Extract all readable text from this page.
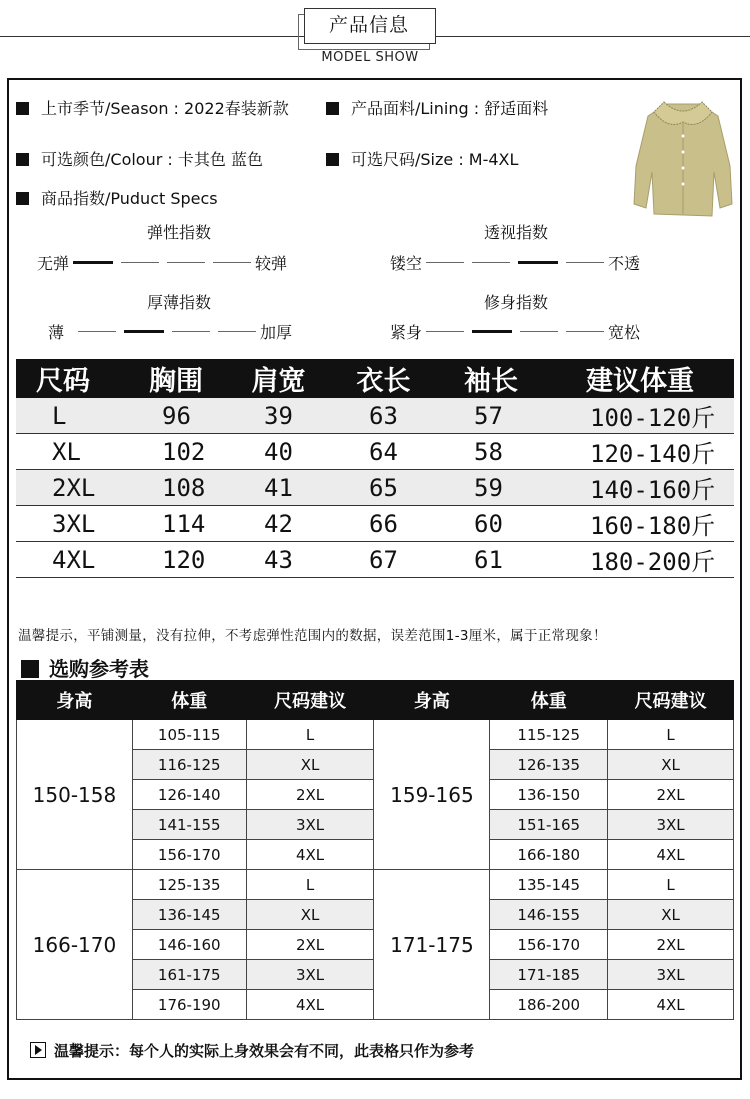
产品信息
MODEL SHOW
上市季节/Season : 2022春装新款	产品面料/Lining : 舒适面料
可选颜色/Colour : 卡其色 蓝色	可选尺码/Size : M-4XL
商品指数/Puduct Specs
弹性指数
无弹	较弹
透视指数
镂空	不透
厚薄指数
薄	加厚
修身指数
紧身	宽松
尺码	胸围	肩宽	衣长	袖长	建议体重
L	96	39	63	57	100-120斤
XL	102	40	64	58	120-140斤
2XL	108	41	65	59	140-160斤
3XL	114	42	66	60	160-180斤
4XL	120	43	67	61	180-200斤
温馨提示，平铺测量，没有拉伸，不考虑弹性范围内的数据，误差范围1-3厘米，属于正常现象！
选购参考表
身高	体重	尺码建议	身高	体重	尺码建议
150-158	105-115	L	159-165	115-125	L
	116-125	XL		126-135	XL
	126-140	2XL		136-150	2XL
	141-155	3XL		151-165	3XL
	156-170	4XL		166-180	4XL
166-170	125-135	L	171-175	135-145	L
	136-145	XL		146-155	XL
	146-160	2XL		156-170	2XL
	161-175	3XL		171-185	3XL
	176-190	4XL		186-200	4XL
温馨提示：每个人的实际上身效果会有不同，此表格只作为参考
